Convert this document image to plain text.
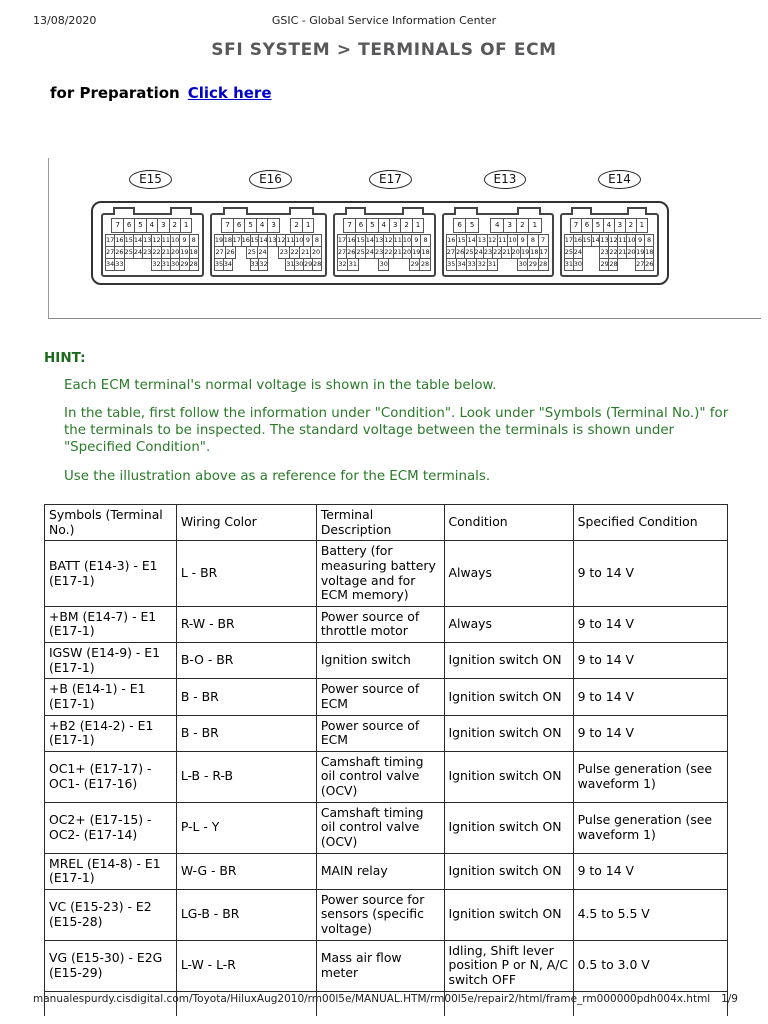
13/08/2020	GSIC - Global Service Information Center
SFI SYSTEM > TERMINALS OF ECM
for Preparation Click here
E15	E16	E17	E13	E14
7 6 5 4 3 2 1
17 16 15 14 13 12 11 10 9 8
27 26 25 24 23 22 21 20 19 18
34 33	32 31 30 29 28
7	6	5	4	3	2	1
19 18 17 16 15 14 13 12 11 10 9 8
27 26 25 24 23 22 21 20
35 34	33 32	31 30 29 28
7 6 5 4 3 2 1
17 16 15 14 13 12 11 10 9 8
27 26 25 24 23 22 21 20 19 18
32 31	30	29 28
6	5	4	3	2	1
16 15 14 13 12 11 10 9 8 7
27 26 25 24 23 22 21 20 19 18 17
35 34 33 32 31	30 29 28
7 6 5 4 3 2 1
17 16 15 14 13 12 11 10 9 8
25 24	23 22 21 20 19 18
31 30	29 28	27 26
HINT:

Each ECM terminal's normal voltage is shown in the table below.

In the table, first follow the information under "Condition". Look under "Symbols (Terminal No.)" for the terminals to be inspected. The standard voltage between the terminals is shown under "Specified Condition".

Use the illustration above as a reference for the ECM terminals.

Symbols (Terminal No.)	Wiring Color	Terminal Description	Condition	Specified Condition
BATT (E14-3) - E1 (E17-1)	L - BR	Battery (for measuring battery voltage and for ECM memory)	Always	9 to 14 V
+BM (E14-7) - E1 (E17-1)	R-W - BR	Power source of throttle motor	Always	9 to 14 V
IGSW (E14-9) - E1 (E17-1)	B-O - BR	Ignition switch	Ignition switch ON	9 to 14 V
+B (E14-1) - E1 (E17-1)	B - BR	Power source of ECM	Ignition switch ON	9 to 14 V
+B2 (E14-2) - E1 (E17-1)	B - BR	Power source of ECM	Ignition switch ON	9 to 14 V
OC1+ (E17-17) - OC1- (E17-16)	L-B - R-B	Camshaft timing oil control valve (OCV)	Ignition switch ON	Pulse generation (see waveform 1)
OC2+ (E17-15) - OC2- (E17-14)	P-L - Y	Camshaft timing oil control valve (OCV)	Ignition switch ON	Pulse generation (see waveform 1)
MREL (E14-8) - E1 (E17-1)	W-G - BR	MAIN relay	Ignition switch ON	9 to 14 V
VC (E15-23) - E2 (E15-28)	LG-B - BR	Power source for sensors (specific voltage)	Ignition switch ON	4.5 to 5.5 V
VG (E15-30) - E2G (E15-29)	L-W - L-R	Mass air flow meter	Idling, Shift lever position P or N, A/C switch OFF	0.5 to 3.0 V

manualespurdy.cisdigital.com/Toyota/HiluxAug2010/rm00l5e/MANUAL.HTM/rm00l5e/repair2/html/frame_rm000000pdh004x.html 1/9
